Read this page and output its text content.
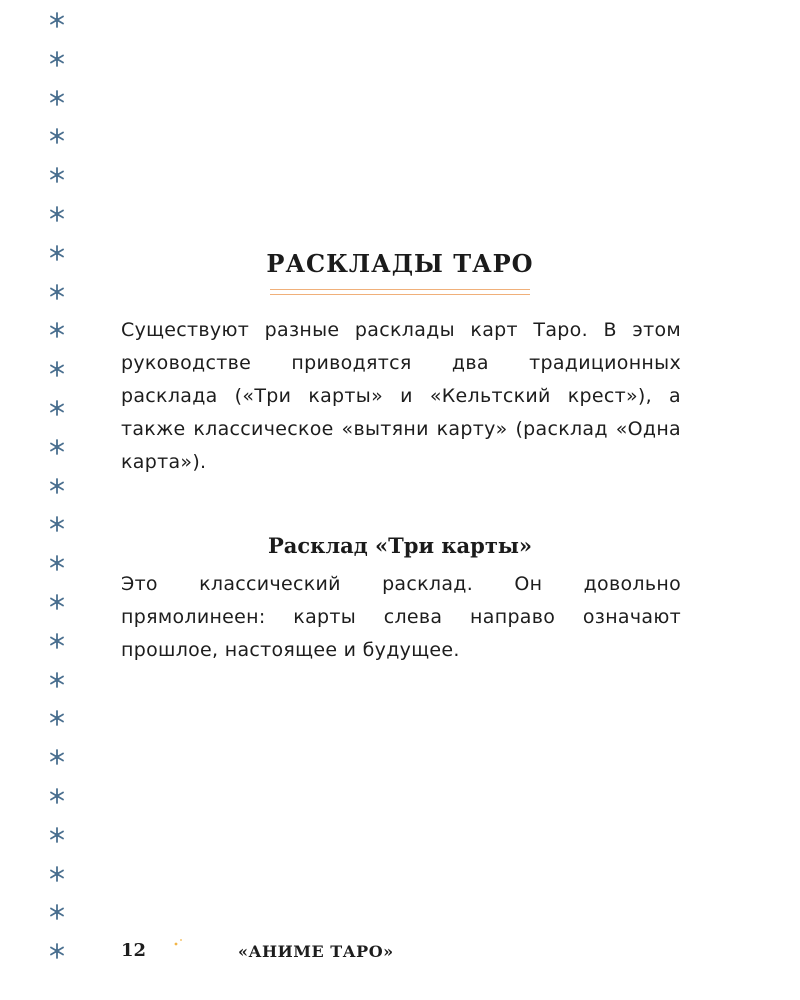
РАСКЛАДЫ ТАРО

Существуют разные расклады карт Таро. В этом руководстве приводятся два традиционных расклада («Три карты» и «Кельтский крест»), а также классическое «вытяни карту» (расклад «Одна карта»).

Расклад «Три карты»

Это классический расклад. Он довольно прямолинеен: карты слева направо означают прошлое, настоящее и будущее.

12	«АНИМЕ ТАРО»
